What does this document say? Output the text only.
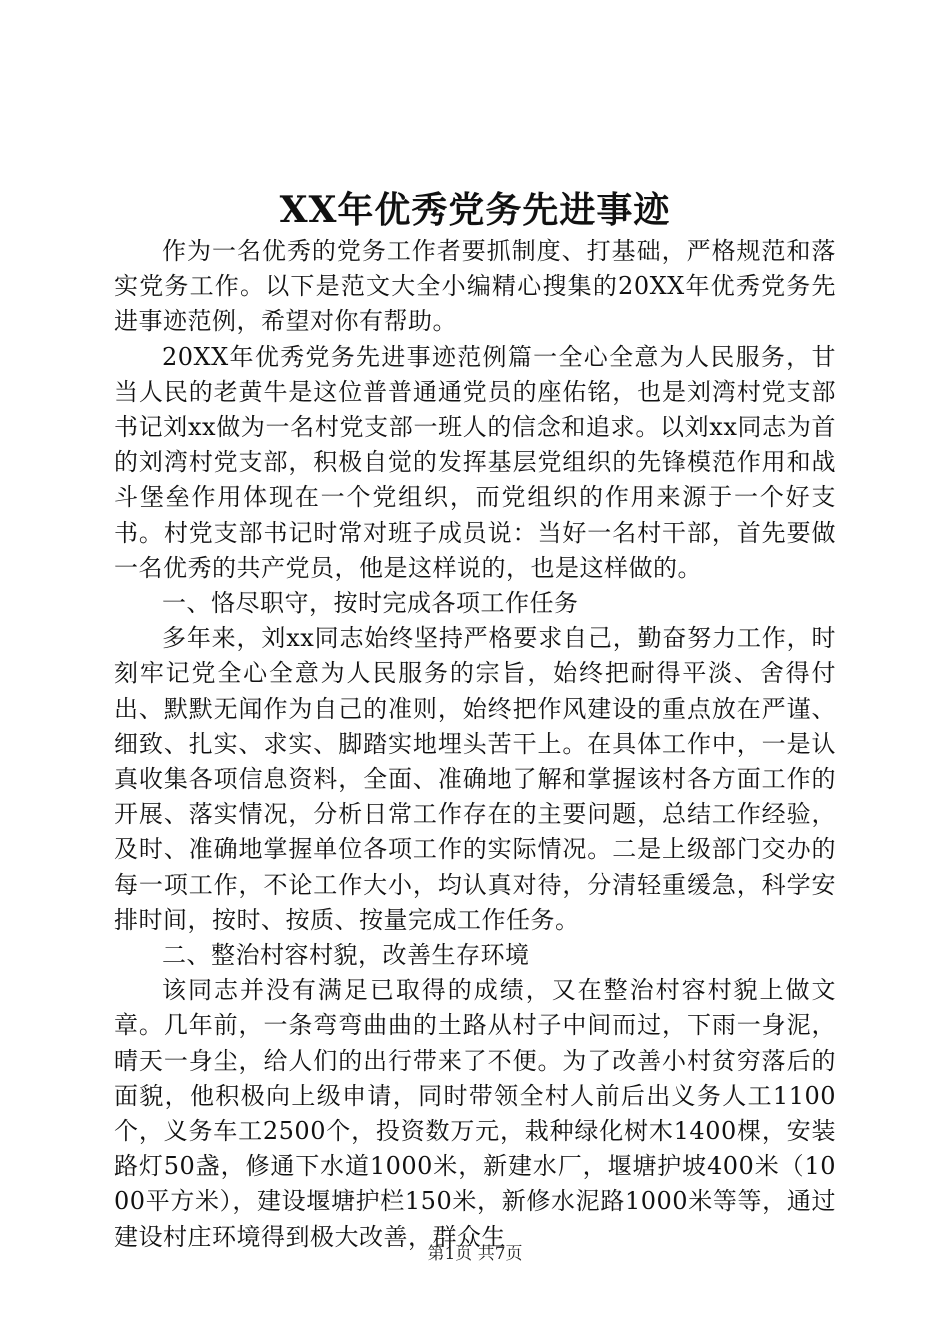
XX年优秀党务先进事迹

作为一名优秀的党务工作者要抓制度、打基础，严格规范和落实党务工作。以下是范文大全小编精心搜集的20XX年优秀党务先进事迹范例，希望对你有帮助。

20XX年优秀党务先进事迹范例篇一全心全意为人民服务，甘当人民的老黄牛是这位普普通通党员的座佑铭，也是刘湾村党支部书记刘xx做为一名村党支部一班人的信念和追求。以刘xx同志为首的刘湾村党支部，积极自觉的发挥基层党组织的先锋模范作用和战斗堡垒作用体现在一个党组织，而党组织的作用来源于一个好支书。村党支部书记时常对班子成员说：当好一名村干部，首先要做一名优秀的共产党员，他是这样说的，也是这样做的。

一、恪尽职守，按时完成各项工作任务

多年来，刘xx同志始终坚持严格要求自己，勤奋努力工作，时刻牢记党全心全意为人民服务的宗旨，始终把耐得平淡、舍得付出、默默无闻作为自己的准则，始终把作风建设的重点放在严谨、细致、扎实、求实、脚踏实地埋头苦干上。在具体工作中，一是认真收集各项信息资料，全面、准确地了解和掌握该村各方面工作的开展、落实情况，分析日常工作存在的主要问题，总结工作经验，及时、准确地掌握单位各项工作的实际情况。二是上级部门交办的每一项工作，不论工作大小，均认真对待，分清轻重缓急，科学安排时间，按时、按质、按量完成工作任务。

二、整治村容村貌，改善生存环境

该同志并没有满足已取得的成绩，又在整治村容村貌上做文章。几年前，一条弯弯曲曲的土路从村子中间而过，下雨一身泥，晴天一身尘，给人们的出行带来了不便。为了改善小村贫穷落后的面貌，他积极向上级申请，同时带领全村人前后出义务人工1100个，义务车工2500个，投资数万元，栽种绿化树木1400棵，安装路灯50盏，修通下水道1000米，新建水厂，堰塘护坡400米（1000平方米），建设堰塘护栏150米，新修水泥路1000米等等，通过建设村庄环境得到极大改善，群众生

第1页 共7页
